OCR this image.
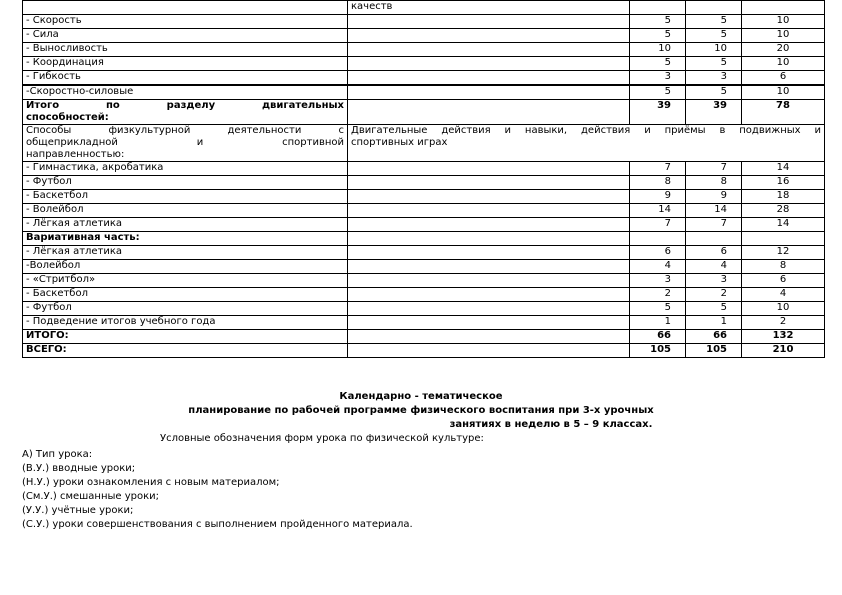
	качеств			
- Скорость		5	5	10
- Сила		5	5	10
- Выносливость		10	10	20
- Координация		5	5	10
- Гибкость		3	3	6
-Скоростно-силовые		5	5	10

Итого по разделу двигательных
способностей:		39	39	78

Способы физкультурной деятельности с
общеприкладной и спортивной
направленностью:	Двигательные действия и навыки, действия и приёмы в подвижных и
спортивных играх			
- Гимнастика, акробатика		7	7	14
- Футбол		8	8	16
- Баскетбол		9	9	18
- Волейбол		14	14	28
- Лёгкая атлетика		7	7	14
Вариативная часть:				
- Лёгкая атлетика		6	6	12
-Волейбол		4	4	8
- «Стритбол»		3	3	6
- Баскетбол		2	2	4
- Футбол		5	5	10
- Подведение итогов учебного года		1	1	2
ИТОГО:		66	66	132
ВСЕГО:		105	105	210
Календарно - тематическое
планирование по рабочей программе физического воспитания при 3-х урочных
занятиях в неделю в 5 – 9 классах.
Условные обозначения форм урока по физической культуре:
А) Тип урока:
(В.У.) вводные уроки;
(Н.У.) уроки ознакомления с новым материалом;
(См.У.) смешанные уроки;
(У.У.) учётные уроки;
(С.У.) уроки совершенствования с выполнением пройденного материала.
